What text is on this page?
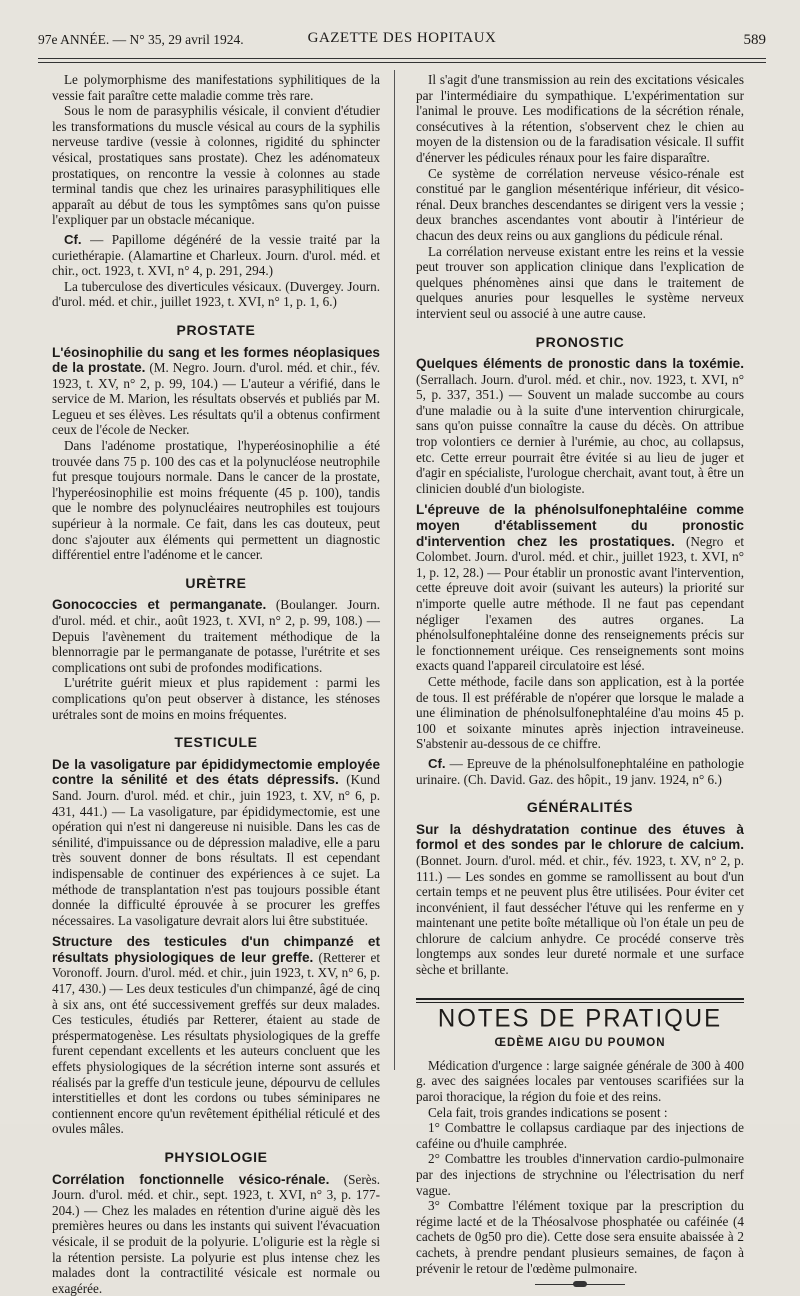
97e ANNÉE. — N° 35, 29 avril 1924.	GAZETTE DES HOPITAUX	589

Le polymorphisme des manifestations syphilitiques de la vessie fait paraître cette maladie comme très rare.

Sous le nom de parasyphilis vésicale, il convient d'étudier les transformations du muscle vésical au cours de la syphilis nerveuse tardive (vessie à colonnes, rigidité du sphincter vésical, prostatiques sans prostate). Chez les adénomateux prostatiques, on rencontre la vessie à colonnes au stade terminal tandis que chez les urinaires parasyphilitiques elle apparaît au début de tous les symptômes sans qu'on puisse l'expliquer par un obstacle mécanique.

Cf. — Papillome dégénéré de la vessie traité par la curiethérapie. (Alamartine et Charleux. Journ. d'urol. méd. et chir., oct. 1923, t. XVI, n° 4, p. 291, 294.)

La tuberculose des diverticules vésicaux. (Duvergey. Journ. d'urol. méd. et chir., juillet 1923, t. XVI, n° 1, p. 1, 6.)

PROSTATE

L'éosinophilie du sang et les formes néoplasiques de la prostate. (M. Negro. Journ. d'urol. méd. et chir., fév. 1923, t. XV, n° 2, p. 99, 104.) — L'auteur a vérifié, dans le service de M. Marion, les résultats observés et publiés par M. Legueu et ses élèves. Les résultats qu'il a obtenus confirment ceux de l'école de Necker.

Dans l'adénome prostatique, l'hyperéosinophilie a été trouvée dans 75 p. 100 des cas et la polynucléose neutrophile fut presque toujours normale. Dans le cancer de la prostate, l'hyperéosinophilie est moins fréquente (45 p. 100), tandis que le nombre des polynucléaires neutrophiles est toujours supérieur à la normale. Ce fait, dans les cas douteux, peut donc s'ajouter aux éléments qui permettent un diagnostic différentiel entre l'adénome et le cancer.

URÈTRE

Gonococcies et permanganate. (Boulanger. Journ. d'urol. méd. et chir., août 1923, t. XVI, n° 2, p. 99, 108.) — Depuis l'avènement du traitement méthodique de la blennorragie par le permanganate de potasse, l'urétrite et ses complications ont subi de profondes modifications.

L'urétrite guérit mieux et plus rapidement : parmi les complications qu'on peut observer à distance, les sténoses urétrales sont de moins en moins fréquentes.

TESTICULE

De la vasoligature par épididymectomie employée contre la sénilité et des états dépressifs. (Kund Sand. Journ. d'urol. méd. et chir., juin 1923, t. XV, n° 6, p. 431, 441.) — La vasoligature, par épididymectomie, est une opération qui n'est ni dangereuse ni nuisible. Dans les cas de sénilité, d'impuissance ou de dépression maladive, elle a paru très souvent donner de bons résultats. Il est cependant indispensable de continuer des expériences à ce sujet. La méthode de transplantation n'est pas toujours possible étant donnée la difficulté éprouvée à se procurer les greffes nécessaires. La vasoligature devrait alors lui être substituée.

Structure des testicules d'un chimpanzé et résultats physiologiques de leur greffe. (Retterer et Voronoff. Journ. d'urol. méd. et chir., juin 1923, t. XV, n° 6, p. 417, 430.) — Les deux testicules d'un chimpanzé, âgé de cinq à six ans, ont été successivement greffés sur deux malades. Ces testicules, étudiés par Retterer, étaient au stade de préspermatogenèse. Les résultats physiologiques de la greffe furent cependant excellents et les auteurs concluent que les effets physiologiques de la sécrétion interne sont assurés et réalisés par la greffe d'un testicule jeune, dépourvu de cellules interstitielles et dont les cordons ou tubes séminipares ne contiennent encore qu'un revêtement épithélial réticulé et des ovules mâles.

PHYSIOLOGIE

Corrélation fonctionnelle vésico-rénale. (Serès. Journ. d'urol. méd. et chir., sept. 1923, t. XVI, n° 3, p. 177-204.) — Chez les malades en rétention d'urine aiguë dès les premières heures ou dans les instants qui suivent l'évacuation vésicale, il se produit de la polyurie. L'oligurie est la règle si la rétention persiste. La polyurie est plus intense chez les malades dont la contractilité vésicale est normale ou exagérée.

Il s'agit d'une transmission au rein des excitations vésicales par l'intermédiaire du sympathique. L'expérimentation sur l'animal le prouve. Les modifications de la sécrétion rénale, consécutives à la rétention, s'observent chez le chien au moyen de la distension ou de la faradisation vésicale. Il suffit d'énerver les pédicules rénaux pour les faire disparaître.

Ce système de corrélation nerveuse vésico-rénale est constitué par le ganglion mésentérique inférieur, dit vésico-rénal. Deux branches descendantes se dirigent vers la vessie ; deux branches ascendantes vont aboutir à l'intérieur de chacun des deux reins ou aux ganglions du pédicule rénal.

La corrélation nerveuse existant entre les reins et la vessie peut trouver son application clinique dans l'explication de quelques phénomènes ainsi que dans le traitement de quelques anuries pour lesquelles le système nerveux intervient seul ou associé à une autre cause.

PRONOSTIC

Quelques éléments de pronostic dans la toxémie. (Serrallach. Journ. d'urol. méd. et chir., nov. 1923, t. XVI, n° 5, p. 337, 351.) — Souvent un malade succombe au cours d'une maladie ou à la suite d'une intervention chirurgicale, sans qu'on puisse connaître la cause du décès. On attribue trop volontiers ce dernier à l'urémie, au choc, au collapsus, etc. Cette erreur pourrait être évitée si au lieu de juger et d'agir en spécialiste, l'urologue cherchait, avant tout, à être un clinicien doublé d'un biologiste.

L'épreuve de la phénolsulfonephtaléine comme moyen d'établissement du pronostic d'intervention chez les prostatiques. (Negro et Colombet. Journ. d'urol. méd. et chir., juillet 1923, t. XVI, n° 1, p. 12, 28.) — Pour établir un pronostic avant l'intervention, cette épreuve doit avoir (suivant les auteurs) la priorité sur n'importe quelle autre méthode. Il ne faut pas cependant négliger l'examen des autres organes. La phénolsulfonephtaléine donne des renseignements précis sur le fonctionnement uréique. Ces renseignements sont moins exacts quand l'appareil circulatoire est lésé.

Cette méthode, facile dans son application, est à la portée de tous. Il est préférable de n'opérer que lorsque le malade a une élimination de phénolsulfonephtaléine d'au moins 45 p. 100 et soixante minutes après injection intraveineuse. S'abstenir au-dessous de ce chiffre.

Cf. — Epreuve de la phénolsulfonephtaléine en pathologie urinaire. (Ch. David. Gaz. des hôpit., 19 janv. 1924, n° 6.)

GÉNÉRALITÉS

Sur la déshydratation continue des étuves à formol et des sondes par le chlorure de calcium. (Bonnet. Journ. d'urol. méd. et chir., fév. 1923, t. XV, n° 2, p. 111.) — Les sondes en gomme se ramollissent au bout d'un certain temps et ne peuvent plus être utilisées. Pour éviter cet inconvénient, il faut dessécher l'étuve qui les renferme en y maintenant une petite boîte métallique où l'on étale un peu de chlorure de calcium anhydre. Ce procédé conserve très longtemps aux sondes leur dureté normale et une surface sèche et brillante.

NOTES DE PRATIQUE
ŒDÈME AIGU DU POUMON

Médication d'urgence : large saignée générale de 300 à 400 g. avec des saignées locales par ventouses scarifiées sur la paroi thoracique, la région du foie et des reins.

Cela fait, trois grandes indications se posent :

1° Combattre le collapsus cardiaque par des injections de caféine ou d'huile camphrée.

2° Combattre les troubles d'innervation cardio-pulmonaire par des injections de strychnine ou l'électrisation du nerf vague.

3° Combattre l'élément toxique par la prescription du régime lacté et de la Théosalvose phosphatée ou caféinée (4 cachets de 0g50 pro die). Cette dose sera ensuite abaissée à 2 cachets, à prendre pendant plusieurs semaines, de façon à prévenir le retour de l'œdème pulmonaire.
